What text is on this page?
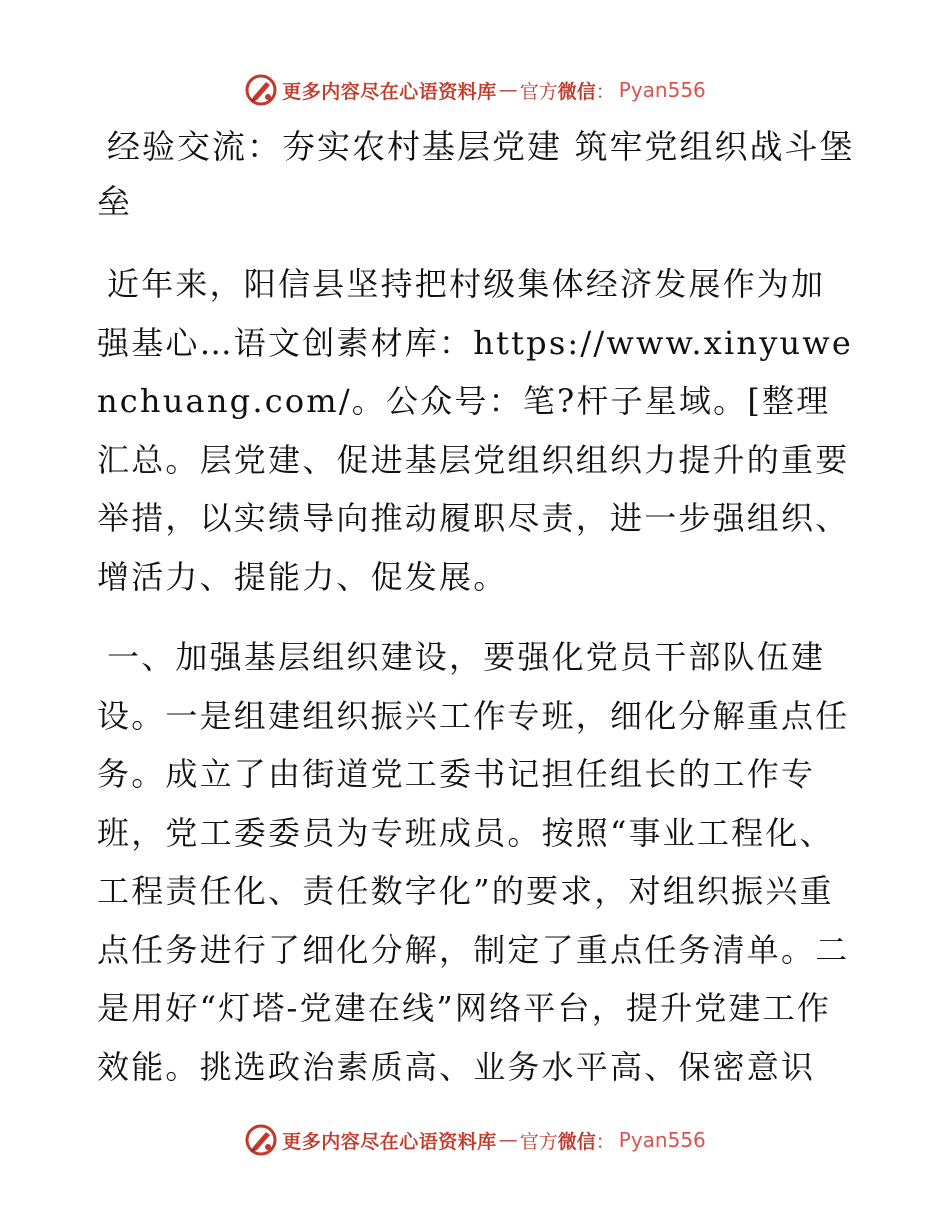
更多内容尽在心语资料库 — 官方 微信 ： Pyan556
经验交流：夯实农村基层党建 筑牢党组织战斗堡垒

近年来，阳信县坚持把村级集体经济发展作为加强基心…语文创素材库：https://www.xinyuwenchuang.com/。公众号：笔?杆子星域。[整理汇总。层党建、促进基层党组织组织力提升的重要举措，以实绩导向推动履职尽责，进一步强组织、增活力、提能力、促发展。

一、加强基层组织建设，要强化党员干部队伍建设。一是组建组织振兴工作专班，细化分解重点任务。成立了由街道党工委书记担任组长的工作专班，党工委委员为专班成员。按照“事业工程化、工程责任化、责任数字化”的要求，对组织振兴重点任务进行了细化分解，制定了重点任务清单。二是用好“灯塔-党建在线”网络平台，提升党建工作效能。挑选政治素质高、业务水平高、保密意识

更多内容尽在心语资料库 — 官方 微信 ： Pyan556
